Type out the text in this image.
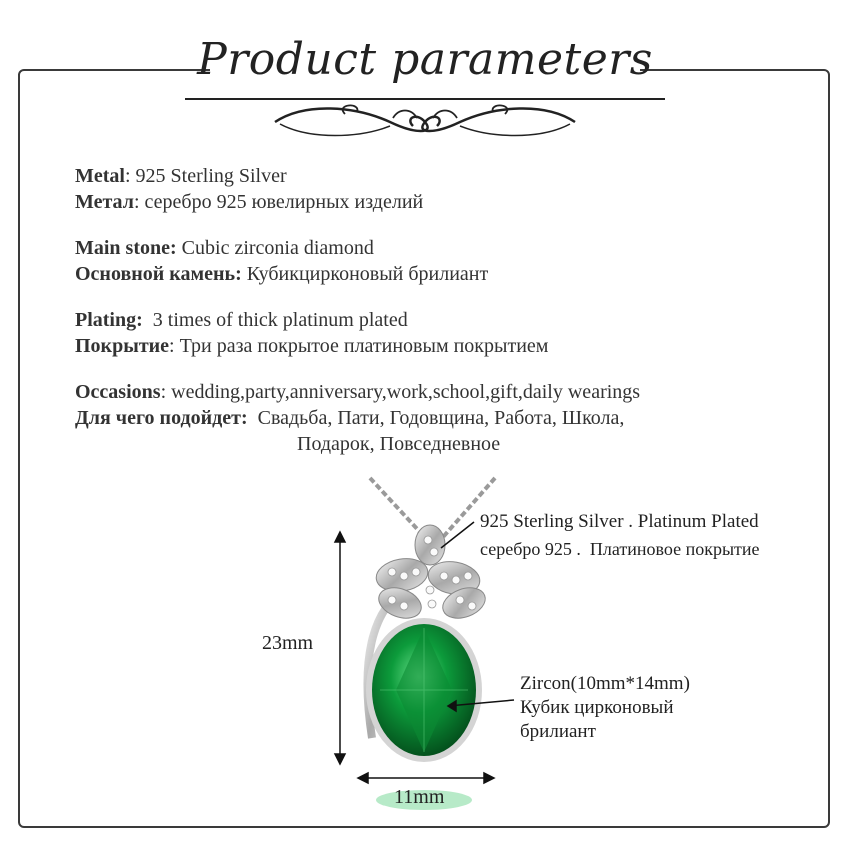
Product parameters
Metal: 925 Sterling Silver
Метал: серебро 925 ювелирных изделий
Main stone: Cubic zirconia diamond
Основной камень: Кубикцирконовый брилиант
Plating:  3 times of thick platinum plated
Покрытие: Три раза покрытое платиновым покрытием
Occasions: wedding,party,anniversary,work,school,gift,daily wearings
Для чего подойдет:  Свадьба, Пати, Годовщина, Работа, Школа,
Подарок, Повседневное
925 Sterling Silver . Platinum Plated
серебро 925 .  Платиновое покрытие
Zircon(10mm*14mm)
Кубик цирконовый
брилиант
23mm
11mm
